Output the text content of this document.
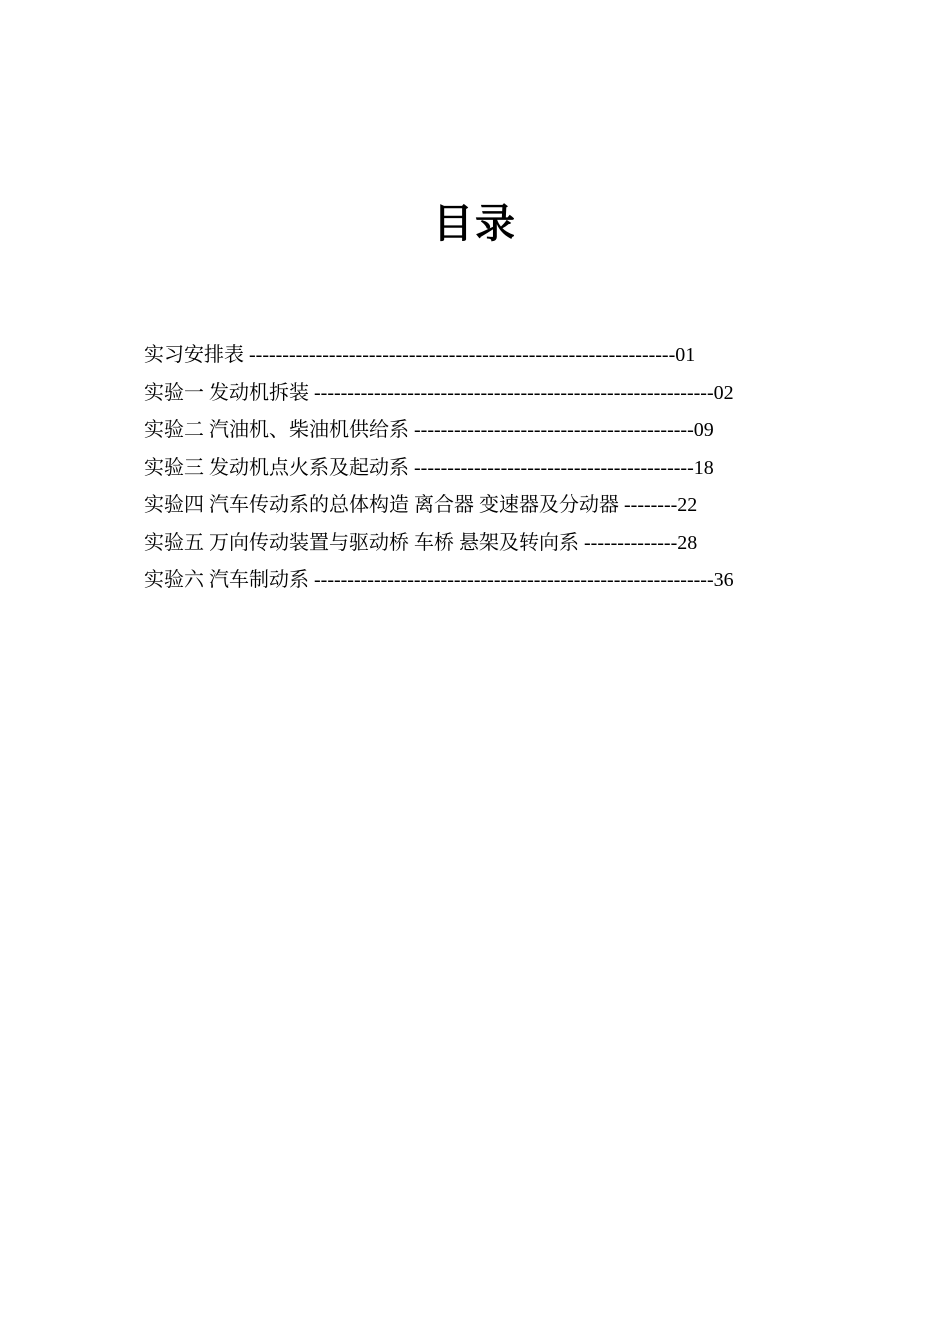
目录
实习安排表 ----------------------------------------------------------------01
实验一 发动机拆装 ------------------------------------------------------------02
实验二 汽油机、柴油机供给系 ------------------------------------------09
实验三 发动机点火系及起动系 ------------------------------------------18
实验四 汽车传动系的总体构造 离合器 变速器及分动器 --------22
实验五 万向传动装置与驱动桥 车桥 悬架及转向系 --------------28
实验六 汽车制动系 ------------------------------------------------------------36
